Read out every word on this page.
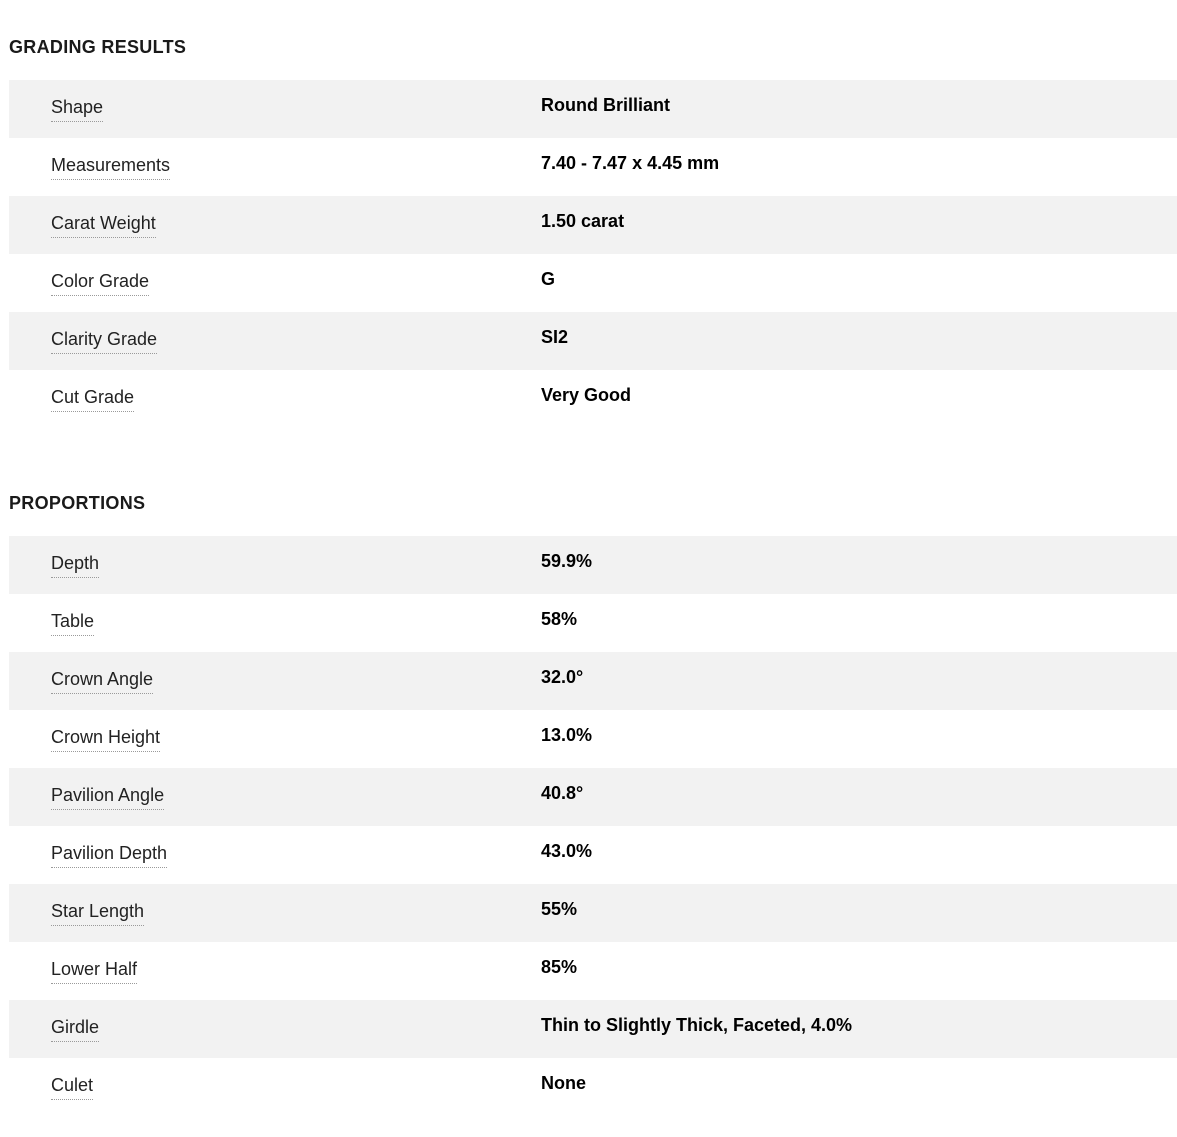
GRADING RESULTS
Shape	Round Brilliant
Measurements	7.40 - 7.47 x 4.45 mm
Carat Weight	1.50 carat
Color Grade	G
Clarity Grade	SI2
Cut Grade	Very Good
PROPORTIONS
Depth	59.9%
Table	58%
Crown Angle	32.0°
Crown Height	13.0%
Pavilion Angle	40.8°
Pavilion Depth	43.0%
Star Length	55%
Lower Half	85%
Girdle	Thin to Slightly Thick, Faceted, 4.0%
Culet	None
